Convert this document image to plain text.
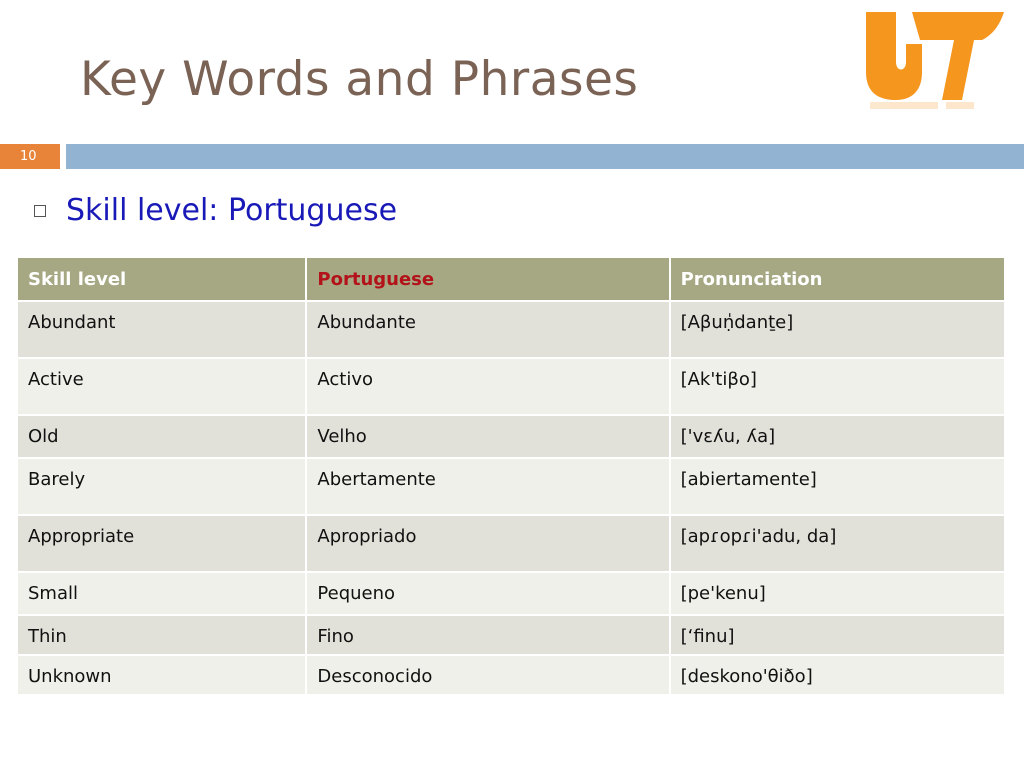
Key Words and Phrases
10
Skill level: Portuguese
Skill level	Portuguese	Pronunciation
Abundant	Abundante	[Aβuṇ̍danṯe]
Active	Activo	[Ak'tiβo]
Old	Velho	['vɛʎu, ʎa]
Barely	Abertamente	[abiertamente]
Appropriate	Apropriado	[apɾopɾi'adu, da]
Small	Pequeno	[pe'kenu]
Thin	Fino	[‘finu]
Unknown	Desconocido	[deskono'θiðo]
